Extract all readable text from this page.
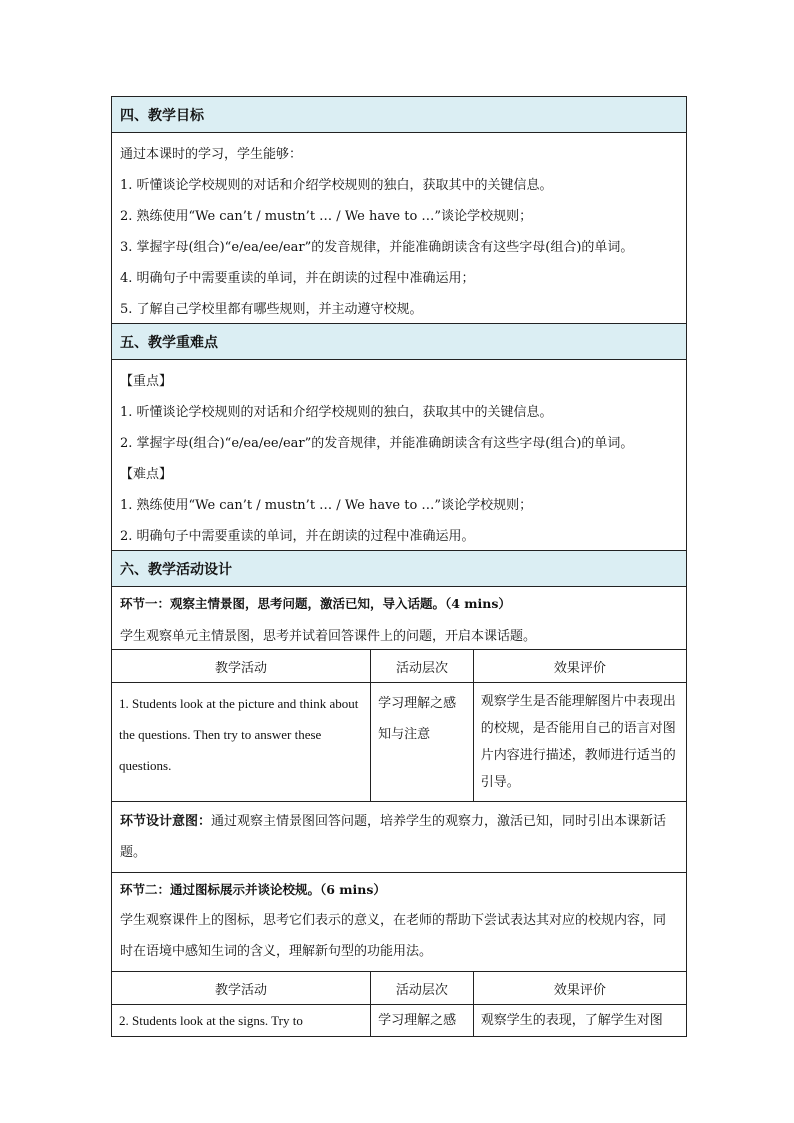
四、教学目标
通过本课时的学习，学生能够：
1. 听懂谈论学校规则的对话和介绍学校规则的独白，获取其中的关键信息。
2. 熟练使用“We can’t / mustn’t … / We have to …”谈论学校规则；
3. 掌握字母(组合)“e/ea/ee/ear”的发音规律，并能准确朗读含有这些字母(组合)的单词。
4. 明确句子中需要重读的单词，并在朗读的过程中准确运用；
5. 了解自己学校里都有哪些规则，并主动遵守校规。
五、教学重难点
【重点】
1. 听懂谈论学校规则的对话和介绍学校规则的独白，获取其中的关键信息。
2. 掌握字母(组合)“e/ea/ee/ear”的发音规律，并能准确朗读含有这些字母(组合)的单词。
【难点】
1. 熟练使用“We can’t / mustn’t … / We have to …”谈论学校规则；
2. 明确句子中需要重读的单词，并在朗读的过程中准确运用。
六、教学活动设计
环节一：观察主情景图，思考问题，激活已知，导入话题。（4 mins）
学生观察单元主情景图，思考并试着回答课件上的问题，开启本课话题。
教学活动	活动层次	效果评价

1. Students look at the picture and think about the questions. Then try to answer these questions.	学习理解之感知与注意	观察学生是否能理解图片中表现出的校规，是否能用自己的语言对图片内容进行描述，教师进行适当的引导。
环节设计意图：通过观察主情景图回答问题，培养学生的观察力，激活已知，同时引出本课新话题。
环节二：通过图标展示并谈论校规。（6 mins）
学生观察课件上的图标，思考它们表示的意义，在老师的帮助下尝试表达其对应的校规内容，同时在语境中感知生词的含义，理解新句型的功能用法。
教学活动	活动层次	效果评价

2. Students look at the signs. Try to	学习理解之感	观察学生的表现，了解学生对图
